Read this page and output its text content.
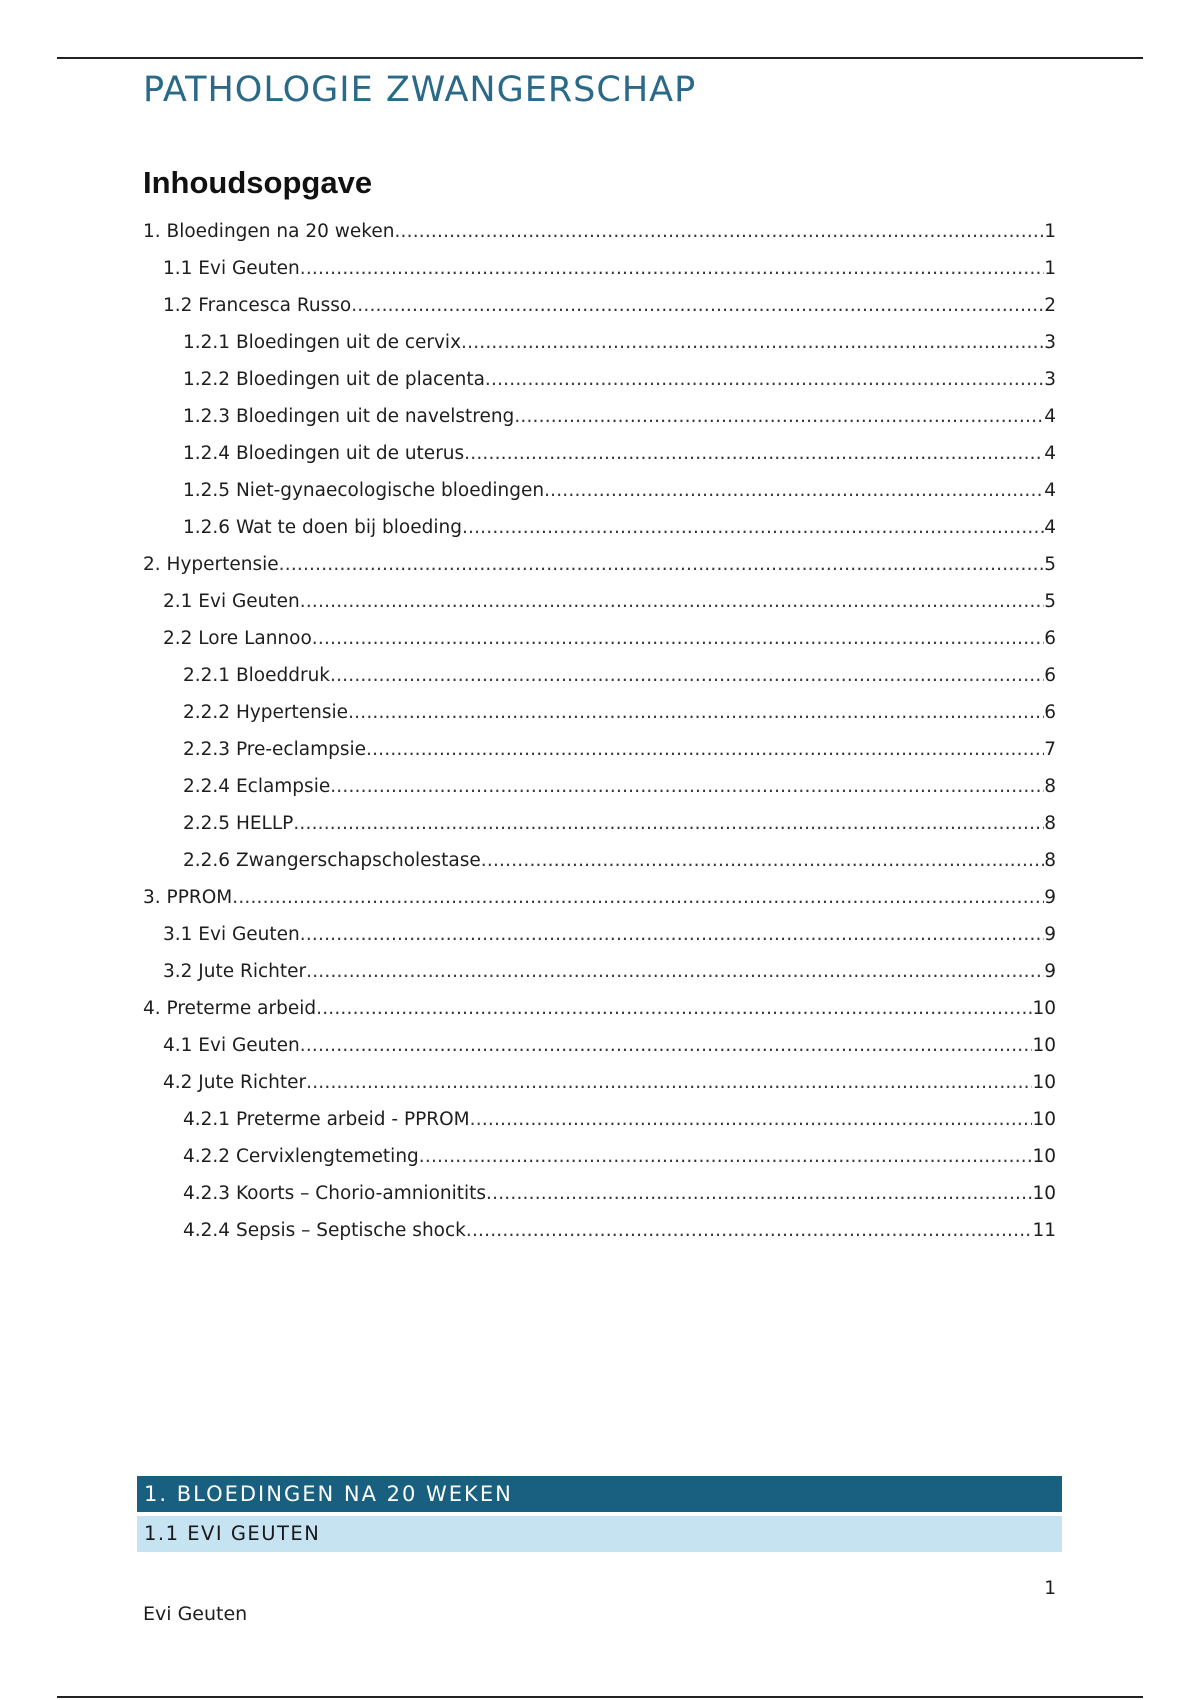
PATHOLOGIE ZWANGERSCHAP
Inhoudsopgave
1. Bloedingen na 20 weken .....	1
1.1 Evi Geuten .....	1
1.2 Francesca Russo .....	2
1.2.1 Bloedingen uit de cervix .....	3
1.2.2 Bloedingen uit de placenta .....	3
1.2.3 Bloedingen uit de navelstreng .....	4
1.2.4 Bloedingen uit de uterus .....	4
1.2.5 Niet-gynaecologische bloedingen .....	4
1.2.6 Wat te doen bij bloeding .....	4
2. Hypertensie .....	5
2.1 Evi Geuten .....	5
2.2 Lore Lannoo .....	6
2.2.1 Bloeddruk .....	6
2.2.2 Hypertensie .....	6
2.2.3 Pre-eclampsie .....	7
2.2.4 Eclampsie .....	8
2.2.5 HELLP .....	8
2.2.6 Zwangerschapscholestase .....	8
3. PPROM .....	9
3.1 Evi Geuten .....	9
3.2 Jute Richter .....	9
4. Preterme arbeid .....	10
4.1 Evi Geuten .....	10
4.2 Jute Richter .....	10
4.2.1 Preterme arbeid - PPROM .....	10
4.2.2 Cervixlengtemeting .....	10
4.2.3 Koorts – Chorio-amnionitits .....	10
4.2.4 Sepsis – Septische shock .....	11
1. BLOEDINGEN NA 20 WEKEN
1.1 EVI GEUTEN
1
Evi Geuten
